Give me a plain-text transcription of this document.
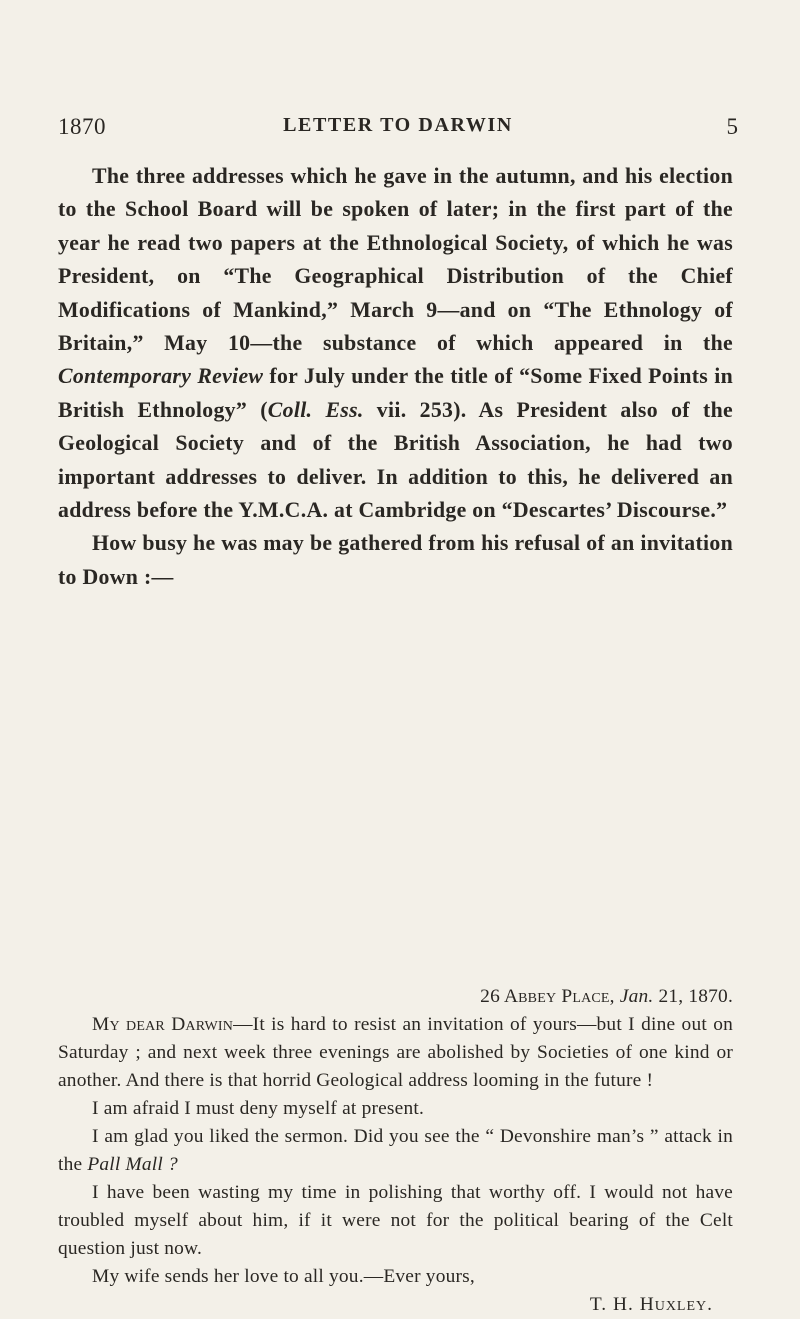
1870	LETTER TO DARWIN	5

The three addresses which he gave in the autumn, and his election to the School Board will be spoken of later; in the first part of the year he read two papers at the Ethnological Society, of which he was President, on “The Geographical Distribution of the Chief Modifications of Mankind,” March 9—and on “The Ethnology of Britain,” May 10—the substance of which appeared in the Contemporary Review for July under the title of “Some Fixed Points in British Ethnology” (Coll. Ess. vii. 253). As President also of the Geological Society and of the British Association, he had two important addresses to deliver. In addition to this, he delivered an address before the Y.M.C.A. at Cambridge on “Descartes’ Discourse.”

How busy he was may be gathered from his refusal of an invitation to Down :—

26 Abbey Place, Jan. 21, 1870.

My dear Darwin—It is hard to resist an invitation of yours—but I dine out on Saturday ; and next week three evenings are abolished by Societies of one kind or another. And there is that horrid Geological address looming in the future !

I am afraid I must deny myself at present.

I am glad you liked the sermon. Did you see the “ Devonshire man’s ” attack in the Pall Mall ?

I have been wasting my time in polishing that worthy off. I would not have troubled myself about him, if it were not for the political bearing of the Celt question just now.

My wife sends her love to all you.—Ever yours,

T. H. Huxley.
